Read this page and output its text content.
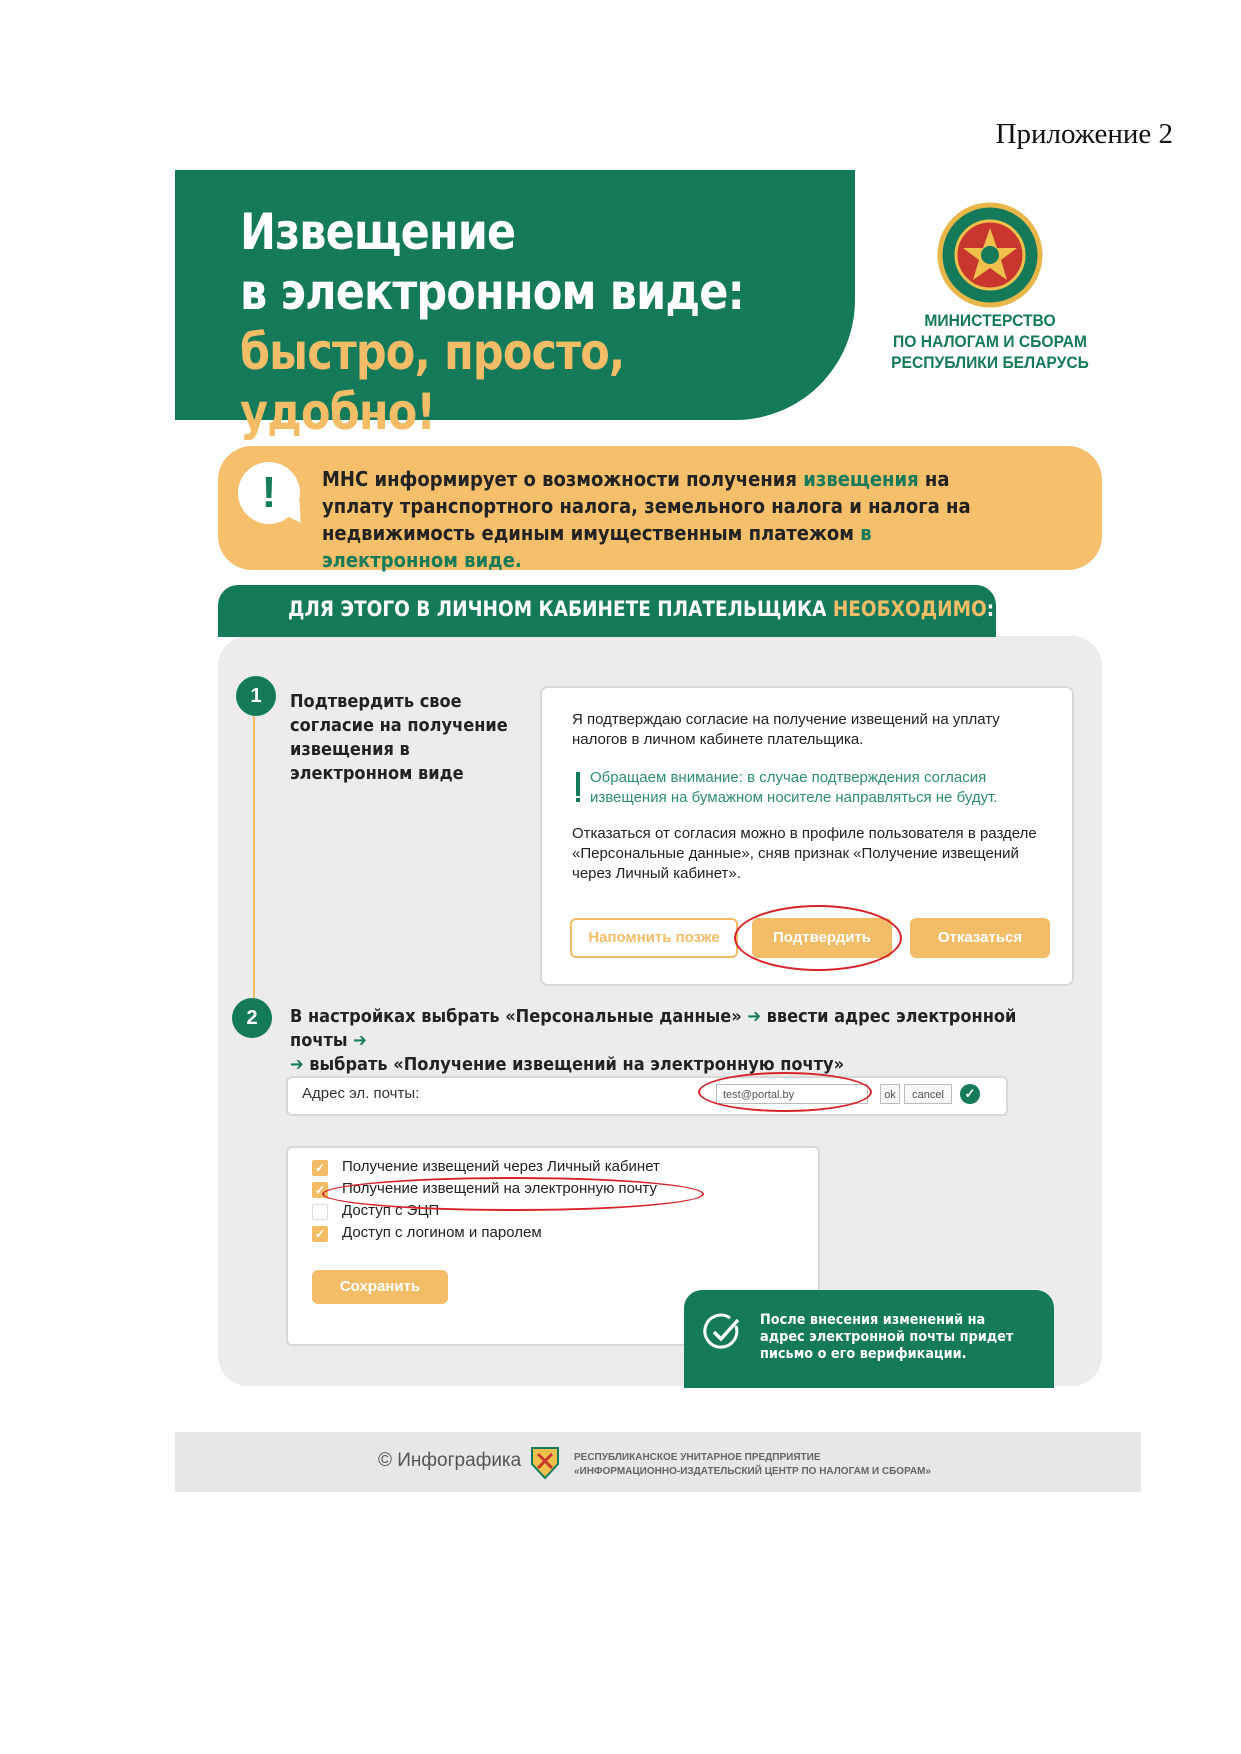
Приложение 2
Извещение
в электронном виде:
быстро, просто, удобно!
МИНИСТЕРСТВО
ПО НАЛОГАМ И СБОРАМ
РЕСПУБЛИКИ БЕЛАРУСЬ
!	МНС информирует о возможности получения извещения на уплату транспортного налога, земельного налога и налога на недвижимость единым имущественным платежом в электронном виде.
ДЛЯ ЭТОГО В ЛИЧНОМ КАБИНЕТЕ ПЛАТЕЛЬЩИКА НЕОБХОДИМО:
1	Подтвердить свое согласие на получение извещения в электронном виде
Я подтверждаю согласие на получение извещений на уплату налогов в личном кабинете плательщика.
Обращаем внимание: в случае подтверждения согласия извещения на бумажном носителе направляться не будут.
Отказаться от согласия можно в профиле пользователя в разделе «Персональные данные», сняв признак «Получение извещений через Личный кабинет».
Напомнить позже	Подтвердить	Отказаться
2	В настройках выбрать «Персональные данные» ➔ ввести адрес электронной почты ➔
➔ выбрать «Получение извещений на электронную почту»
Адрес эл. почты:	test@portal.by	ok	cancel	✓
✓ Получение извещений через Личный кабинет
✓ Получение извещений на электронную почту
Доступ с ЭЦП
✓ Доступ с логином и паролем
Сохранить
После внесения изменений на адрес электронной почты придет письмо о его верификации.
© Инфографика	РЕСПУБЛИКАНСКОЕ УНИТАРНОЕ ПРЕДПРИЯТИЕ
«ИНФОРМАЦИОННО-ИЗДАТЕЛЬСКИЙ ЦЕНТР ПО НАЛОГАМ И СБОРАМ»
